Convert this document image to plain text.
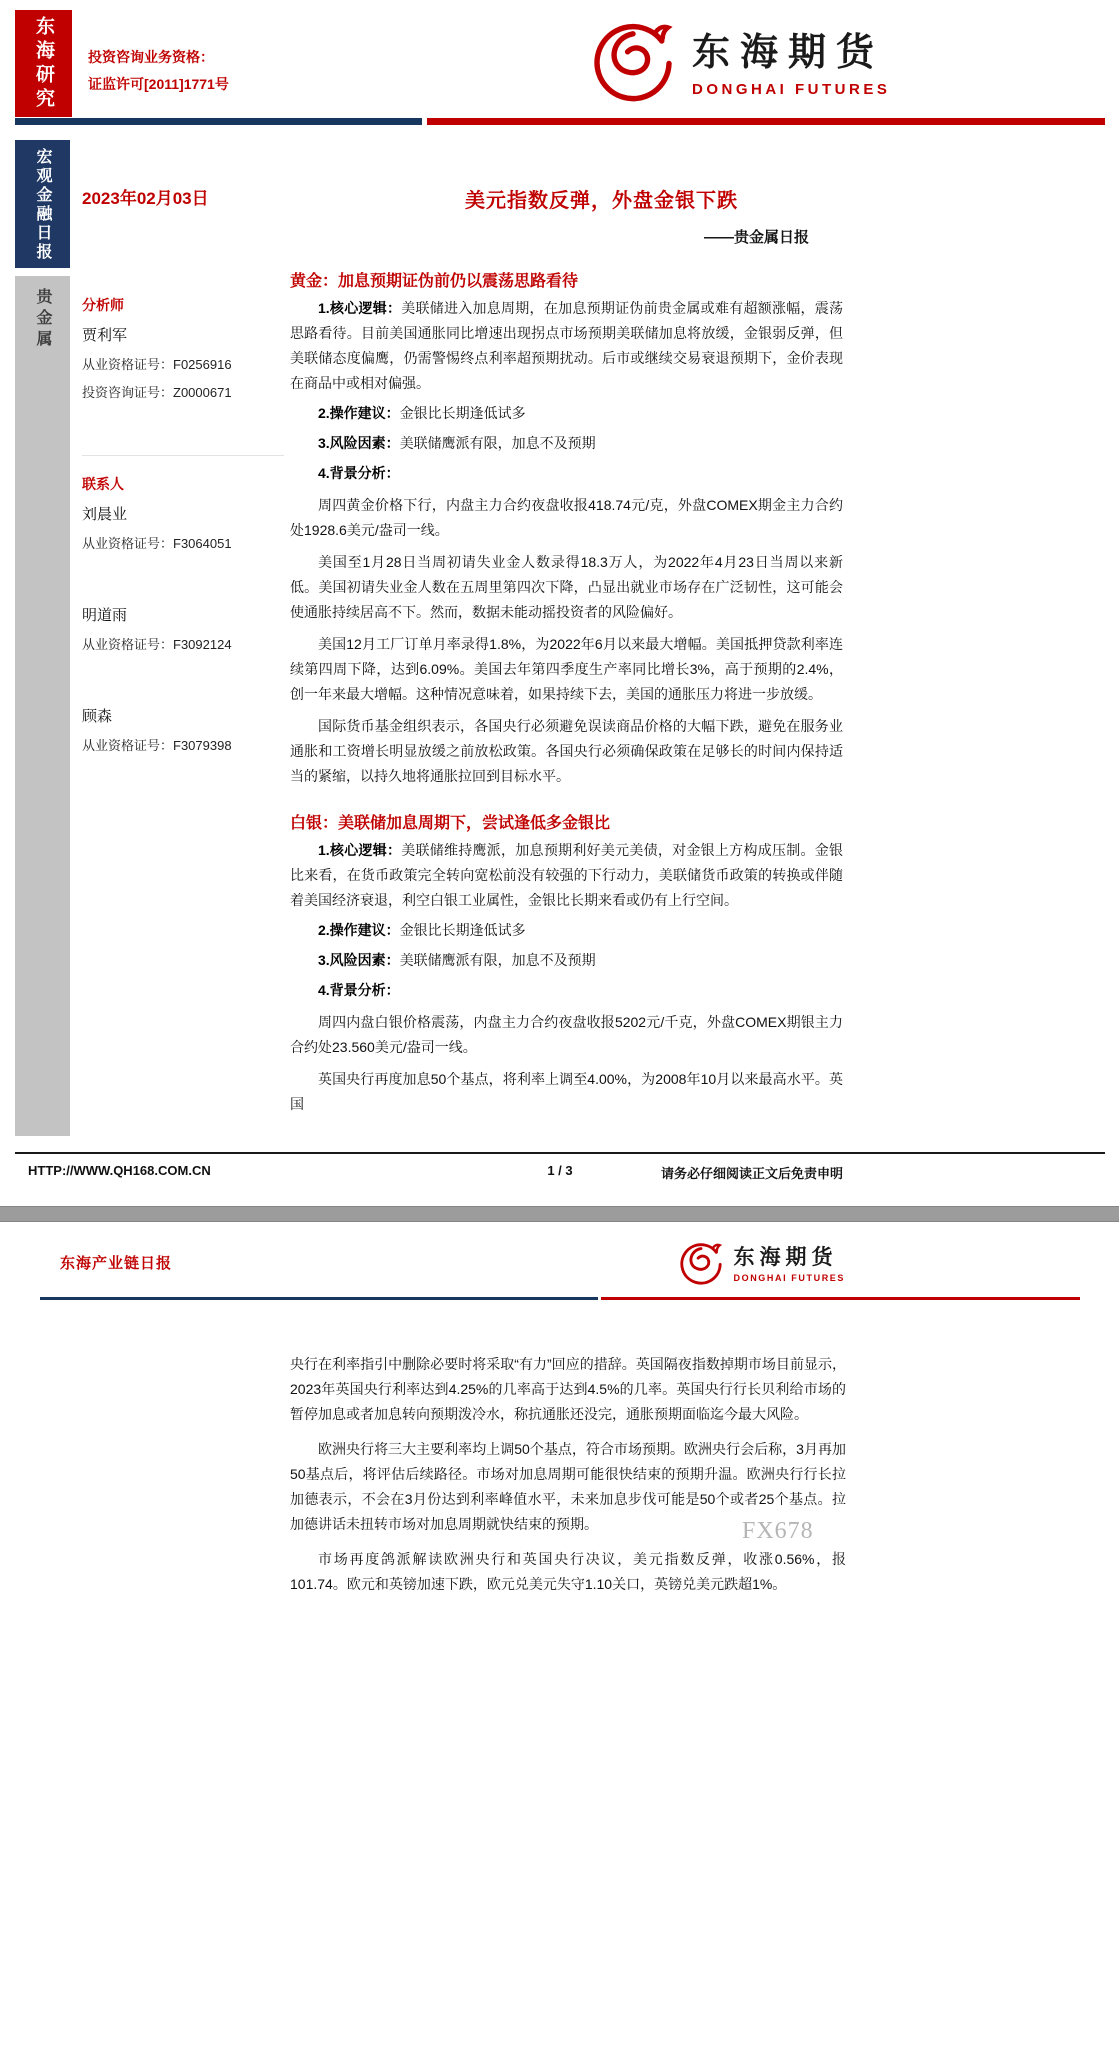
东海研究 投资咨询业务资格：
证监许可[2011]1771号
东海期货
DONGHAI FUTURES
宏观金融日报
贵金属
2023年02月03日
分析师
贾利军
从业资格证号：F0256916
投资咨询证号：Z0000671
联系人
刘晨业
从业资格证号：F3064051
明道雨
从业资格证号：F3092124
顾森
从业资格证号：F3079398
美元指数反弹，外盘金银下跌
——贵金属日报
黄金：加息预期证伪前仍以震荡思路看待

1.核心逻辑：美联储进入加息周期，在加息预期证伪前贵金属或难有超额涨幅，震荡思路看待。目前美国通胀同比增速出现拐点市场预期美联储加息将放缓，金银弱反弹，但美联储态度偏鹰，仍需警惕终点利率超预期扰动。后市或继续交易衰退预期下，金价表现在商品中或相对偏强。

2.操作建议：金银比长期逢低试多

3.风险因素：美联储鹰派有限，加息不及预期

4.背景分析：

周四黄金价格下行，内盘主力合约夜盘收报418.74元/克，外盘COMEX期金主力合约处1928.6美元/盎司一线。

美国至1月28日当周初请失业金人数录得18.3万人，为2022年4月23日当周以来新低。美国初请失业金人数在五周里第四次下降，凸显出就业市场存在广泛韧性，这可能会使通胀持续居高不下。然而，数据未能动摇投资者的风险偏好。

美国12月工厂订单月率录得1.8%，为2022年6月以来最大增幅。美国抵押贷款利率连续第四周下降，达到6.09%。美国去年第四季度生产率同比增长3%，高于预期的2.4%，创一年来最大增幅。这种情况意味着，如果持续下去，美国的通胀压力将进一步放缓。

国际货币基金组织表示，各国央行必须避免误读商品价格的大幅下跌，避免在服务业通胀和工资增长明显放缓之前放松政策。各国央行必须确保政策在足够长的时间内保持适当的紧缩，以持久地将通胀拉回到目标水平。

白银：美联储加息周期下，尝试逢低多金银比

1.核心逻辑：美联储维持鹰派，加息预期利好美元美债，对金银上方构成压制。金银比来看，在货币政策完全转向宽松前没有较强的下行动力，美联储货币政策的转换或伴随着美国经济衰退，利空白银工业属性，金银比长期来看或仍有上行空间。

2.操作建议：金银比长期逢低试多

3.风险因素：美联储鹰派有限，加息不及预期

4.背景分析：

周四内盘白银价格震荡，内盘主力合约夜盘收报5202元/千克，外盘COMEX期银主力合约处23.560美元/盎司一线。

英国央行再度加息50个基点，将利率上调至4.00%，为2008年10月以来最高水平。英国

HTTP://WWW.QH168.COM.CN	1 / 3	请务必仔细阅读正文后免责申明
东海产业链日报	东海期货
DONGHAI FUTURES

央行在利率指引中删除必要时将采取“有力”回应的措辞。英国隔夜指数掉期市场目前显示，2023年英国央行利率达到4.25%的几率高于达到4.5%的几率。英国央行行长贝利给市场的暂停加息或者加息转向预期泼冷水，称抗通胀还没完，通胀预期面临迄今最大风险。

欧洲央行将三大主要利率均上调50个基点，符合市场预期。欧洲央行会后称，3月再加50基点后，将评估后续路径。市场对加息周期可能很快结束的预期升温。欧洲央行行长拉加德表示，不会在3月份达到利率峰值水平，未来加息步伐可能是50个或者25个基点。拉加德讲话未扭转市场对加息周期就快结束的预期。

市场再度鸽派解读欧洲央行和英国央行决议，美元指数反弹，收涨0.56%，报101.74。欧元和英镑加速下跌，欧元兑美元失守1.10关口，英镑兑美元跌超1%。

FX678
